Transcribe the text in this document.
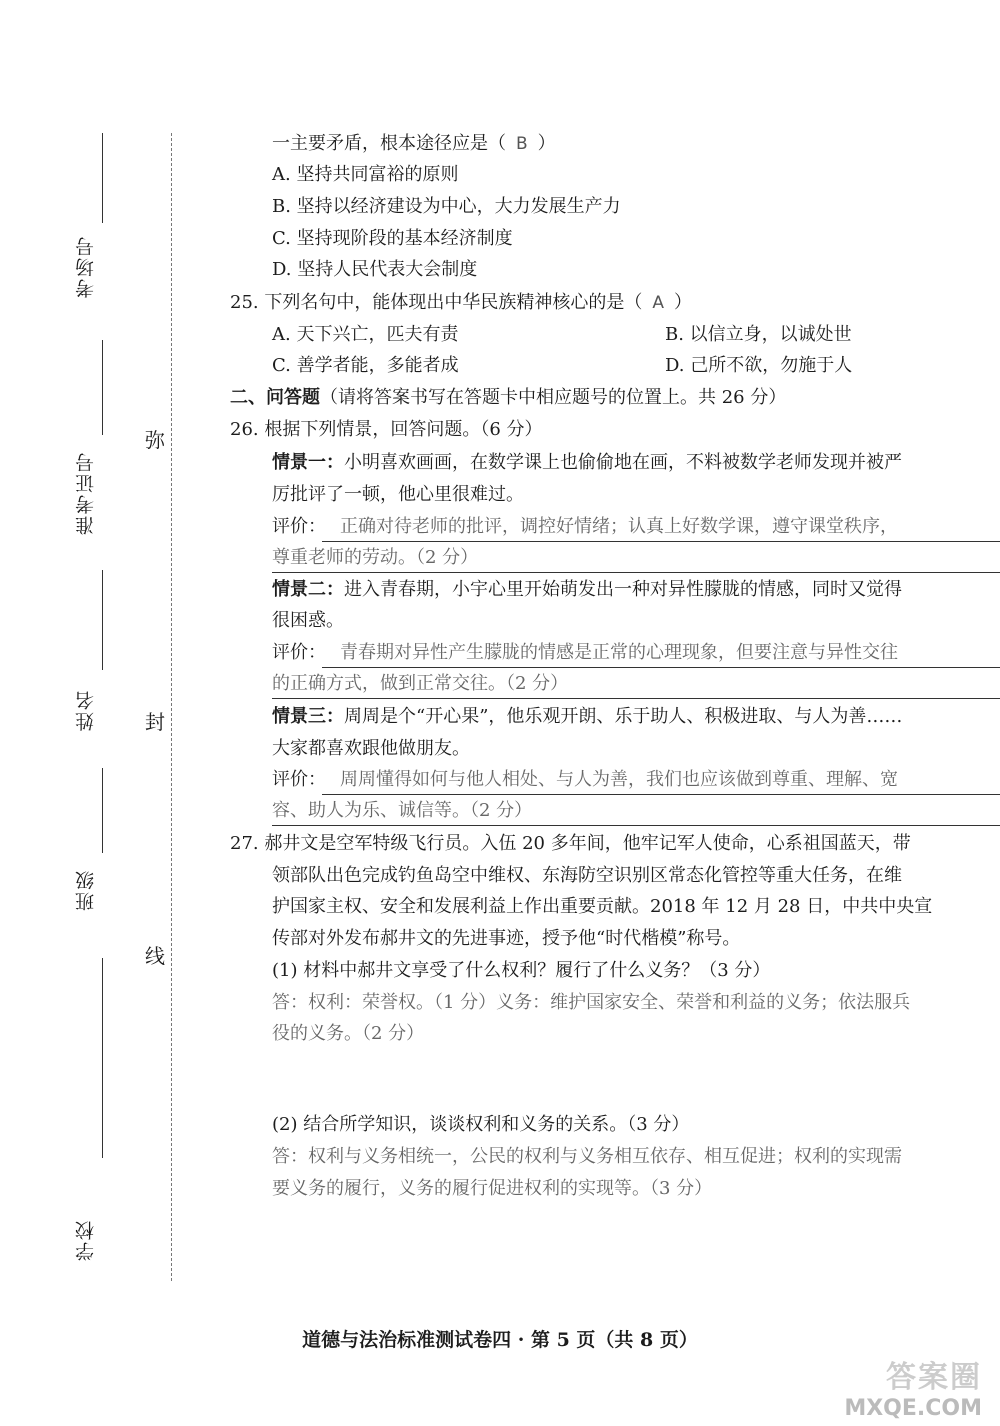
考场号
准考证号
姓名
班级
学校
弥
封
线
一主要矛盾，根本途径应是（ B ）
A. 坚持共同富裕的原则
B. 坚持以经济建设为中心，大力发展生产力
C. 坚持现阶段的基本经济制度
D. 坚持人民代表大会制度
25. 下列名句中，能体现出中华民族精神核心的是（ A ）
A. 天下兴亡，匹夫有责	B. 以信立身，以诚处世
C. 善学者能，多能者成	D. 己所不欲，勿施于人
二、问答题（请将答案书写在答题卡中相应题号的位置上。共 26 分）
26. 根据下列情景，回答问题。（6 分）
情景一：小明喜欢画画，在数学课上也偷偷地在画，不料被数学老师发现并被严
厉批评了一顿，他心里很难过。
评价： 正确对待老师的批评，调控好情绪；认真上好数学课，遵守课堂秩序，
尊重老师的劳动。（2 分）
情景二：进入青春期，小宇心里开始萌发出一种对异性朦胧的情感，同时又觉得
很困惑。
评价： 青春期对异性产生朦胧的情感是正常的心理现象，但要注意与异性交往
的正确方式，做到正常交往。（2 分）
情景三：周周是个“开心果”，他乐观开朗、乐于助人、积极进取、与人为善……
大家都喜欢跟他做朋友。
评价： 周周懂得如何与他人相处、与人为善，我们也应该做到尊重、理解、宽
容、助人为乐、诚信等。（2 分）
27. 郝井文是空军特级飞行员。入伍 20 多年间，他牢记军人使命，心系祖国蓝天，带
领部队出色完成钓鱼岛空中维权、东海防空识别区常态化管控等重大任务，在维
护国家主权、安全和发展利益上作出重要贡献。2018 年 12 月 28 日，中共中央宣
传部对外发布郝井文的先进事迹，授予他“时代楷模”称号。
(1) 材料中郝井文享受了什么权利？履行了什么义务？（3 分）
答：权利：荣誉权。（1 分）义务：维护国家安全、荣誉和利益的义务；依法服兵
役的义务。（2 分）
(2) 结合所学知识，谈谈权利和义务的关系。（3 分）
答：权利与义务相统一，公民的权利与义务相互依存、相互促进；权利的实现需
要义务的履行，义务的履行促进权利的实现等。（3 分）
道德与法治标准测试卷四 · 第 5 页（共 8 页）
答案圈
MXQE.COM
